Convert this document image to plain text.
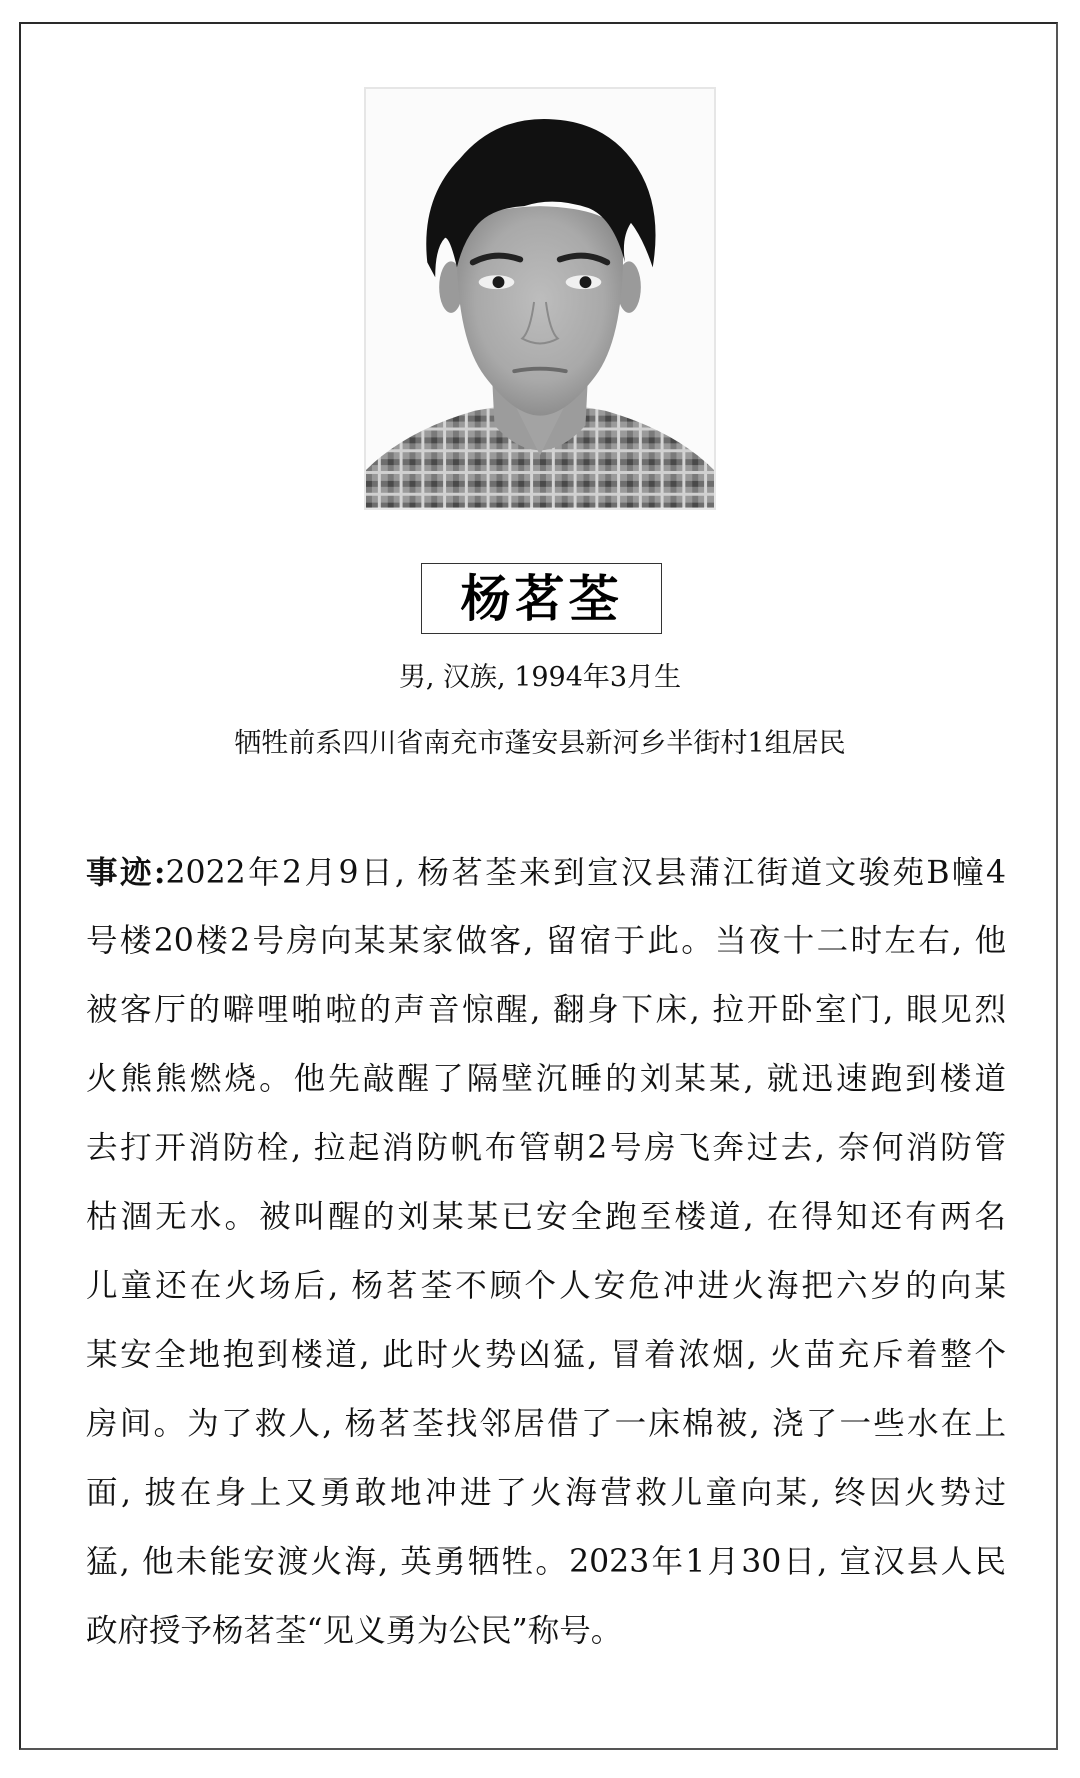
杨茗荃
男, 汉族, 1994年3月生
牺牲前系四川省南充市蓬安县新河乡半街村1组居民
事迹:2022年2月9日, 杨茗荃来到宣汉县蒲江街道文骏苑B幢4
号楼20楼2号房向某某家做客, 留宿于此。当夜十二时左右, 他
被客厅的噼哩啪啦的声音惊醒, 翻身下床, 拉开卧室门, 眼见烈
火熊熊燃烧。他先敲醒了隔壁沉睡的刘某某, 就迅速跑到楼道
去打开消防栓, 拉起消防帆布管朝2号房飞奔过去, 奈何消防管
枯涸无水。被叫醒的刘某某已安全跑至楼道, 在得知还有两名
儿童还在火场后, 杨茗荃不顾个人安危冲进火海把六岁的向某
某安全地抱到楼道, 此时火势凶猛, 冒着浓烟, 火苗充斥着整个
房间。为了救人, 杨茗荃找邻居借了一床棉被, 浇了一些水在上
面, 披在身上又勇敢地冲进了火海营救儿童向某, 终因火势过
猛, 他未能安渡火海, 英勇牺牲。2023年1月30日, 宣汉县人民
政府授予杨茗荃“见义勇为公民”称号。
